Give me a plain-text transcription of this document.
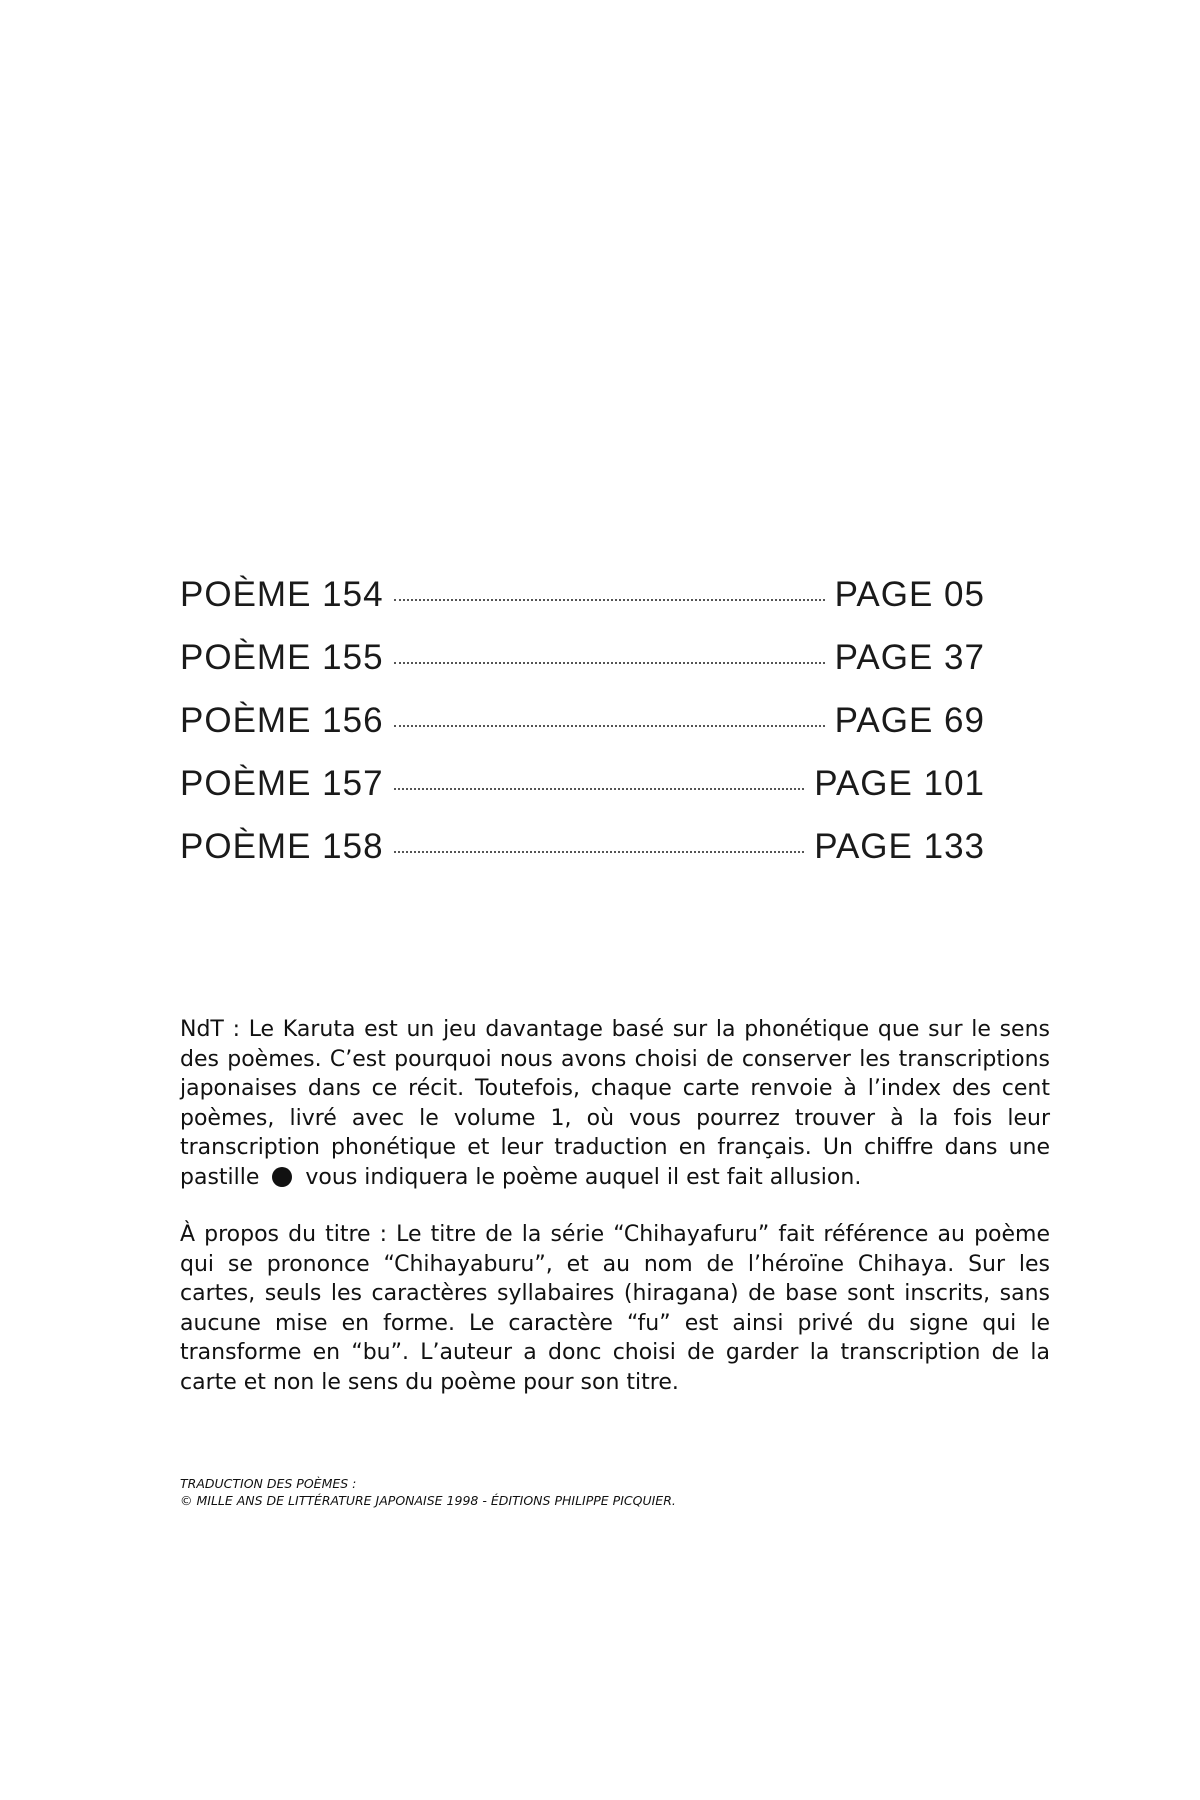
POÈME 154	PAGE 05
POÈME 155	PAGE 37
POÈME 156	PAGE 69
POÈME 157	PAGE 101
POÈME 158	PAGE 133

NdT : Le Karuta est un jeu davantage basé sur la phonétique que sur le sens des poèmes. C’est pourquoi nous avons choisi de conserver les transcriptions japonaises dans ce récit. Toutefois, chaque carte renvoie à l’index des cent poèmes, livré avec le volume 1, où vous pourrez trouver à la fois leur transcription phonétique et leur traduction en français. Un chiffre dans une pastille  vous indiquera le poème auquel il est fait allusion.

À propos du titre : Le titre de la série “Chihayafuru” fait référence au poème qui se prononce “Chihayaburu”, et au nom de l’héroïne Chihaya. Sur les cartes, seuls les caractères syllabaires (hiragana) de base sont inscrits, sans aucune mise en forme. Le caractère “fu” est ainsi privé du signe qui le transforme en “bu”. L’auteur a donc choisi de garder la transcription de la carte et non le sens du poème pour son titre.

TRADUCTION DES POÈMES :
© MILLE ANS DE LITTÉRATURE JAPONAISE 1998 - ÉDITIONS PHILIPPE PICQUIER.
